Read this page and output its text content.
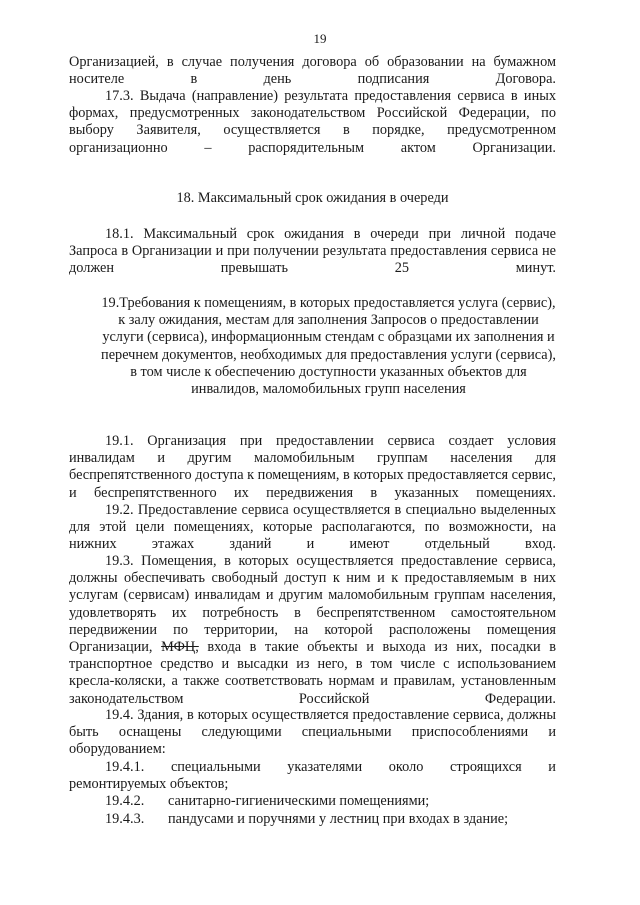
19

Организацией, в случае получения договора об образовании на бумажном носителе в день подписания Договора.

17.3. Выдача (направление) результата предоставления сервиса в иных формах, предусмотренных законодательством Российской Федерации, по выбору Заявителя, осуществляется в порядке, предусмотренном организационно – распорядительным актом Организации.

18. Максимальный срок ожидания в очереди

18.1. Максимальный срок ожидания в очереди при личной подаче Запроса в Организации и при получении результата предоставления сервиса не должен превышать 25 минут.

19.Требования к помещениям, в которых предоставляется услуга (сервис), к залу ожидания, местам для заполнения Запросов о предоставлении услуги (сервиса), информационным стендам с образцами их заполнения и перечнем документов, необходимых для предоставления услуги (сервиса), в том числе к обеспечению доступности указанных объектов для инвалидов, маломобильных групп населения

19.1. Организация при предоставлении сервиса создает условия инвалидам и другим маломобильным группам населения для беспрепятственного доступа к помещениям, в которых предоставляется сервис, и беспрепятственного их передвижения в указанных помещениях.

19.2. Предоставление сервиса осуществляется в специально выделенных для этой цели помещениях, которые располагаются, по возможности, на нижних этажах зданий и имеют отдельный вход.

19.3. Помещения, в которых осуществляется предоставление сервиса, должны обеспечивать свободный доступ к ним и к предоставляемым в них услугам (сервисам) инвалидам и другим маломобильным группам населения, удовлетворять их потребность в беспрепятственном самостоятельном передвижении по территории, на которой расположены помещения Организации, МФЦ, входа в такие объекты и выхода из них, посадки в транспортное средство и высадки из него, в том числе с использованием кресла-коляски, а также соответствовать нормам и правилам, установленным законодательством Российской Федерации.

19.4. Здания, в которых осуществляется предоставление сервиса, должны быть оснащены следующими специальными приспособлениями и оборудованием:

19.4.1. специальными указателями около строящихся и
ремонтируемых объектов;
19.4.2. санитарно-гигиеническими помещениями;
19.4.3. пандусами и поручнями у лестниц при входах в здание;
